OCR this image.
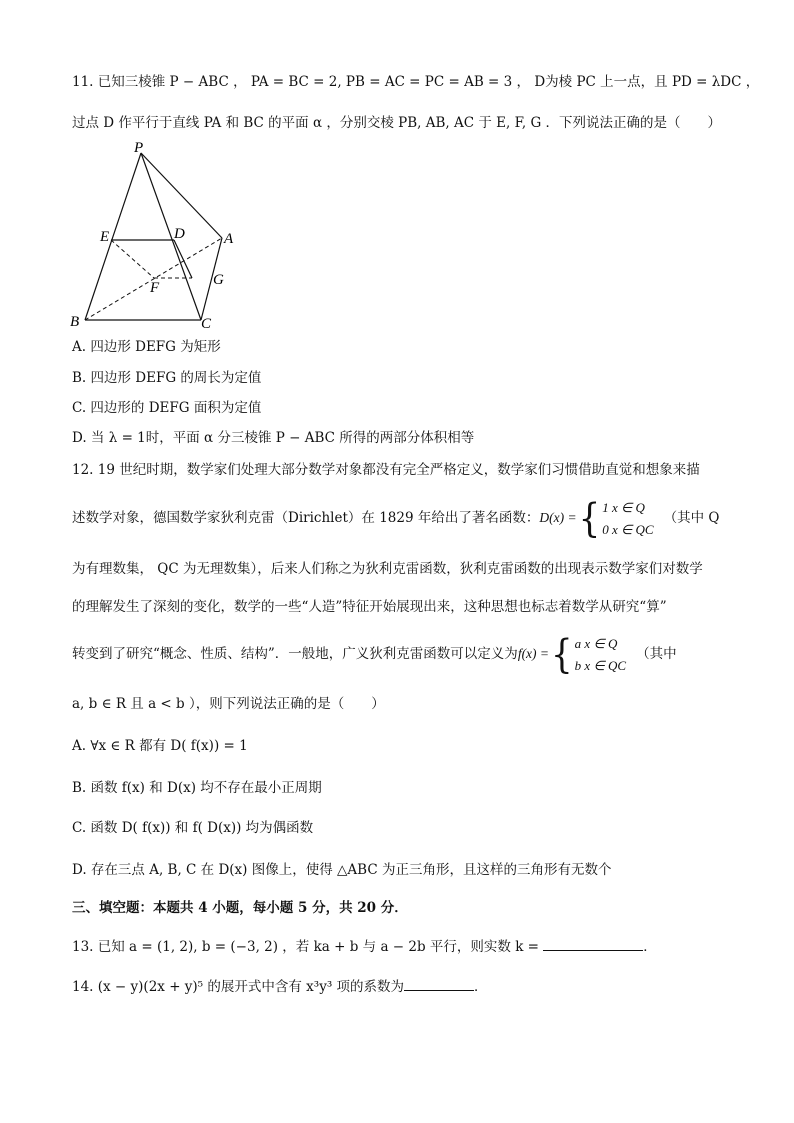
11. 已知三棱锥 P − ABC ， PA = BC = 2, PB = AC = PC = AB = 3 ， D为棱 PC 上一点，且 PD = λDC ，
过点 D 作平行于直线 PA 和 BC 的平面 α ，分别交棱 PB, AB, AC 于 E, F, G ．下列说法正确的是（　　）
P
E	D	A
F	G
B	C
A. 四边形 DEFG 为矩形
B. 四边形 DEFG 的周长为定值
C. 四边形的 DEFG 面积为定值
D. 当 λ = 1时，平面 α 分三棱锥 P − ABC 所得的两部分体积相等
12. 19 世纪时期，数学家们处理大部分数学对象都没有完全严格定义，数学家们习惯借助直觉和想象来描
述数学对象，德国数学家狄利克雷（Dirichlet）在 1829 年给出了著名函数：D(x) ={ 1 x ∈ Q
0 x ∈ QC（其中 Q
为有理数集， QC 为无理数集），后来人们称之为狄利克雷函数，狄利克雷函数的出现表示数学家们对数学
的理解发生了深刻的变化，数学的一些“人造”特征开始展现出来，这种思想也标志着数学从研究“算”
转变到了研究“概念、性质、结构”．一般地，广义狄利克雷函数可以定义为f(x) ={ a x ∈ Q
b x ∈ QC（其中
a, b ∈ R 且 a < b ），则下列说法正确的是（　　）
A. ∀x ∈ R 都有 D( f(x)) = 1
B. 函数 f(x) 和 D(x) 均不存在最小正周期
C. 函数 D( f(x)) 和 f( D(x)) 均为偶函数
D. 存在三点 A, B, C 在 D(x) 图像上，使得 △ABC 为正三角形，且这样的三角形有无数个
三、填空题：本题共 4 小题，每小题 5 分，共 20 分．
13. 已知 a = (1, 2), b = (−3, 2) ，若 ka + b 与 a − 2b 平行，则实数 k =	．
14. (x − y)(2x + y)⁵ 的展开式中含有 x³y³ 项的系数为	．
